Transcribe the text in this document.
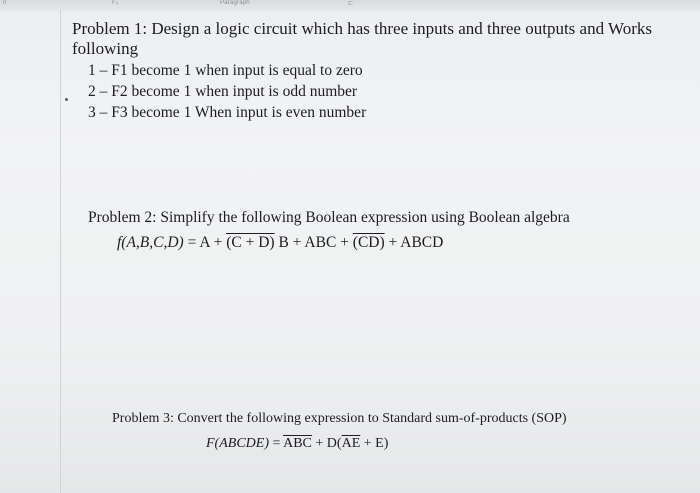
n	F₆	Paragraph	⊏
Problem 1: Design a logic circuit which has three inputs and three outputs and Works
following
1 – F1 become 1 when input is equal to zero
2 – F2 become 1 when input is odd number
3 – F3 become 1 When input is even number
Problem 2: Simplify the following Boolean expression using Boolean algebra
f(A,B,C,D) = A + (C + D) B + ABC + (CD) + ABCD
Problem 3: Convert the following expression to Standard sum-of-products (SOP)
F(ABCDE) = $\overline{ABC} + D(\overline{AE} + E)$
